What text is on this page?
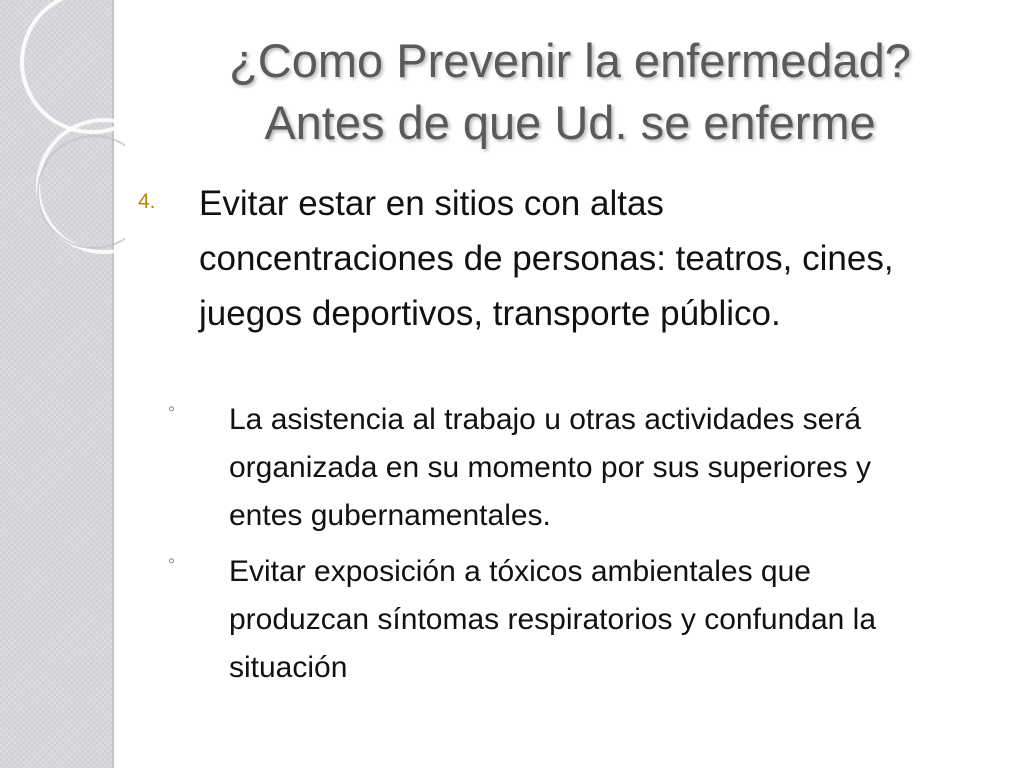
¿Como Prevenir la enfermedad?
Antes de que Ud. se enferme
4. Evitar estar en sitios con altas concentraciones de personas: teatros, cines, juegos deportivos, transporte público.
◦ La asistencia al trabajo u otras actividades será organizada en su momento por sus superiores y entes gubernamentales.
◦ Evitar exposición a tóxicos ambientales que produzcan síntomas respiratorios y confundan la situación
